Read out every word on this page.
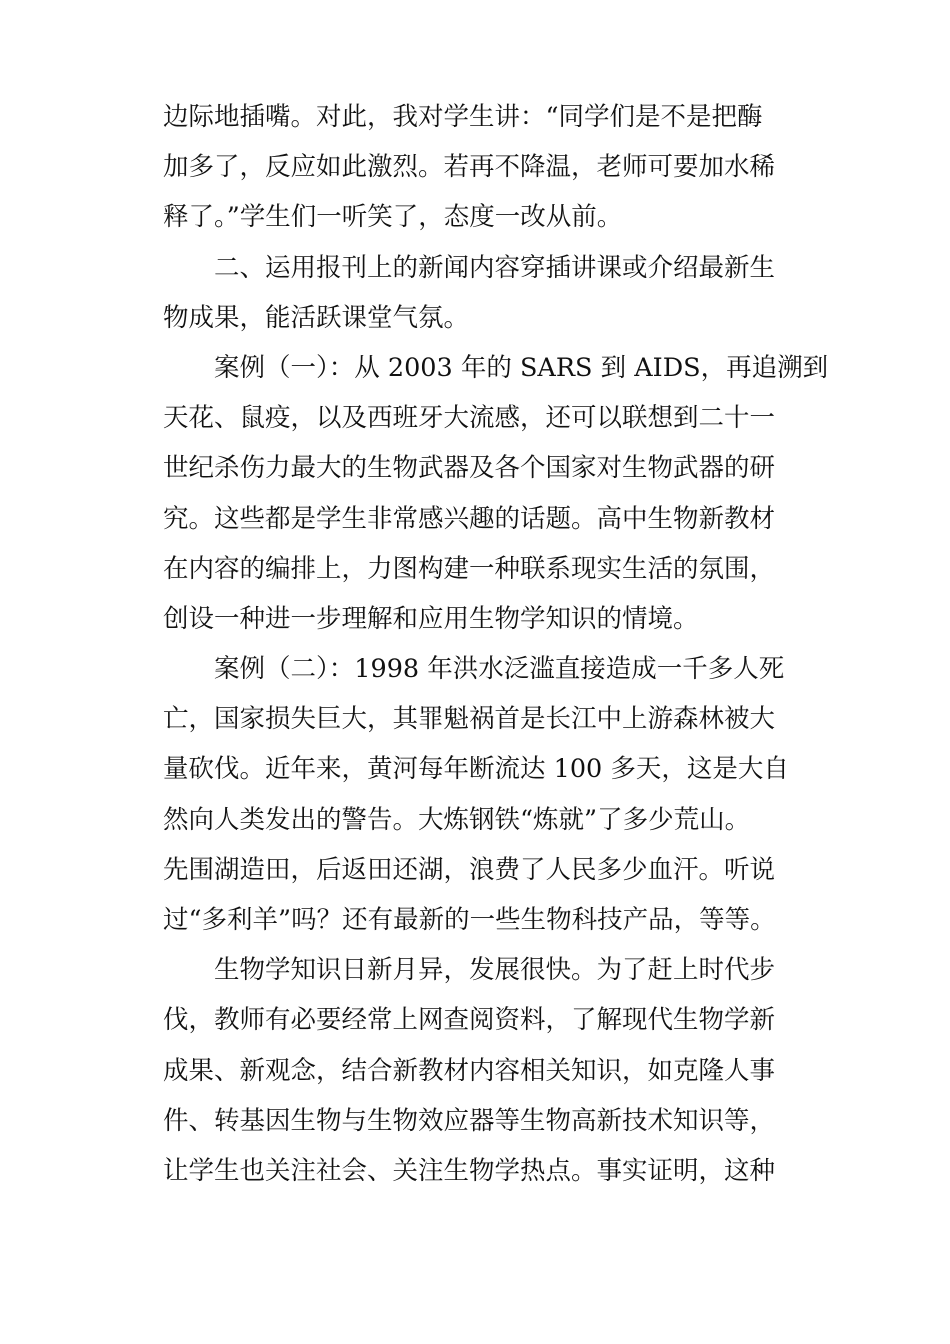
边际地插嘴。对此，我对学生讲：“同学们是不是把酶
加多了，反应如此激烈。若再不降温，老师可要加水稀
释了。”学生们一听笑了，态度一改从前。
二、运用报刊上的新闻内容穿插讲课或介绍最新生
物成果，能活跃课堂气氛。
案例（一）：从 2003 年的 SARS 到 AIDS，再追溯到
天花、鼠疫，以及西班牙大流感，还可以联想到二十一
世纪杀伤力最大的生物武器及各个国家对生物武器的研
究。这些都是学生非常感兴趣的话题。高中生物新教材
在内容的编排上，力图构建一种联系现实生活的氛围，
创设一种进一步理解和应用生物学知识的情境。
案例（二）：1998 年洪水泛滥直接造成一千多人死
亡，国家损失巨大，其罪魁祸首是长江中上游森林被大
量砍伐。近年来，黄河每年断流达 100 多天，这是大自
然向人类发出的警告。大炼钢铁“炼就”了多少荒山。
先围湖造田，后返田还湖，浪费了人民多少血汗。听说
过“多利羊”吗？还有最新的一些生物科技产品，等等。
生物学知识日新月异，发展很快。为了赶上时代步
伐，教师有必要经常上网查阅资料，了解现代生物学新
成果、新观念，结合新教材内容相关知识，如克隆人事
件、转基因生物与生物效应器等生物高新技术知识等，
让学生也关注社会、关注生物学热点。事实证明，这种
